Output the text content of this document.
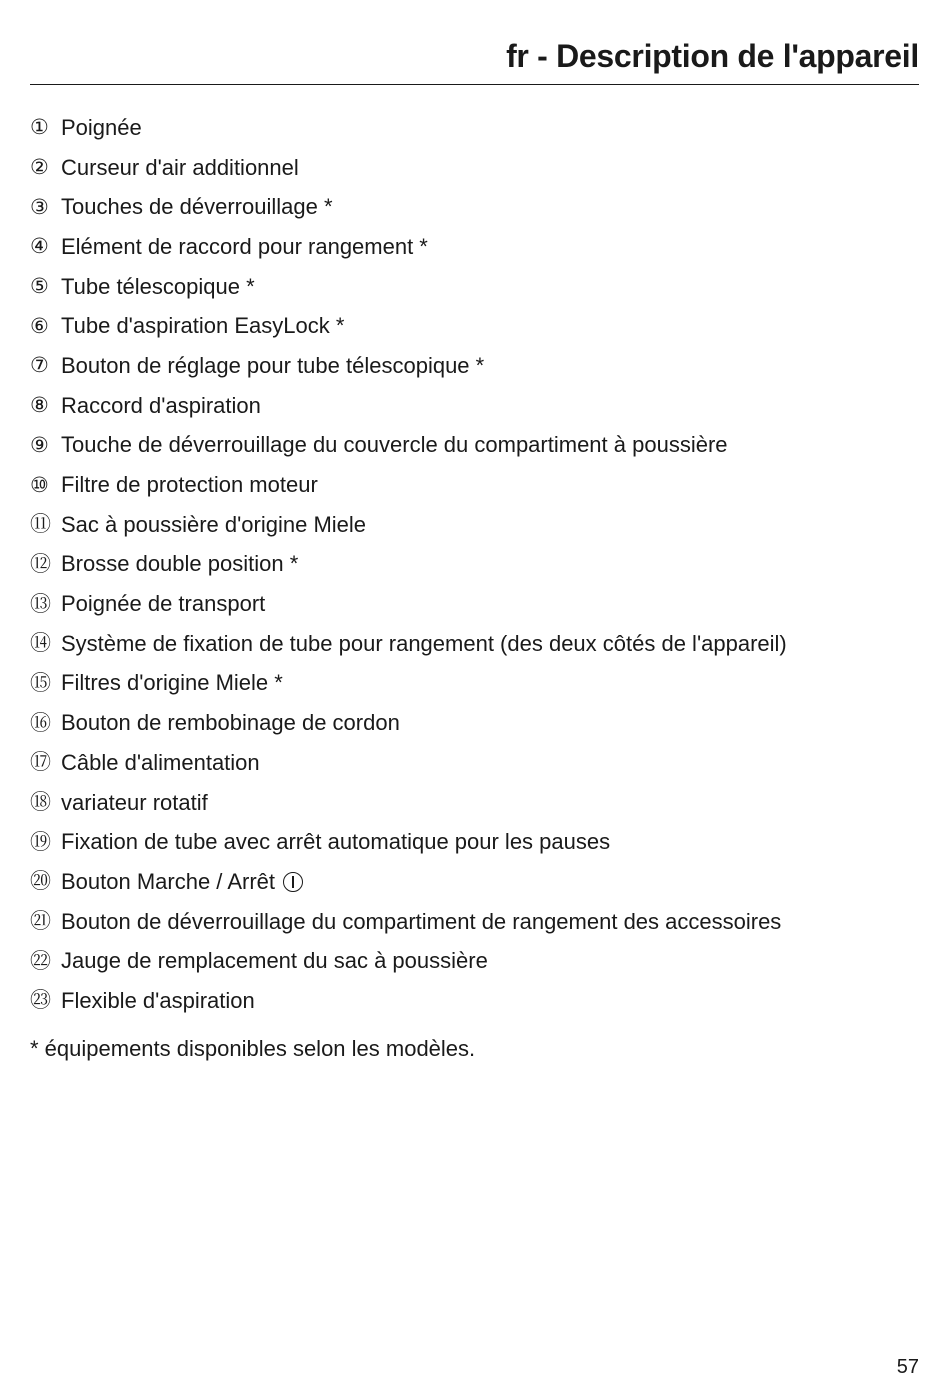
fr - Description de l'appareil
① Poignée
② Curseur d'air additionnel
③ Touches de déverrouillage *
④ Elément de raccord pour rangement *
⑤ Tube télescopique *
⑥ Tube d'aspiration EasyLock *
⑦ Bouton de réglage pour tube télescopique *
⑧ Raccord d'aspiration
⑨ Touche de déverrouillage du couvercle du compartiment à poussière
⑩ Filtre de protection moteur
⑪ Sac à poussière d'origine Miele
⑫ Brosse double position *
⑬ Poignée de transport
⑭ Système de fixation de tube pour rangement (des deux côtés de l'appareil)
⑮ Filtres d'origine Miele *
⑯ Bouton de rembobinage de cordon
⑰ Câble d'alimentation
⑱ variateur rotatif
⑲ Fixation de tube avec arrêt automatique pour les pauses
⑳ Bouton Marche / Arrêt
㉑ Bouton de déverrouillage du compartiment de rangement des accessoires
㉒ Jauge de remplacement du sac à poussière
㉓ Flexible d'aspiration
* équipements disponibles selon les modèles.
57
